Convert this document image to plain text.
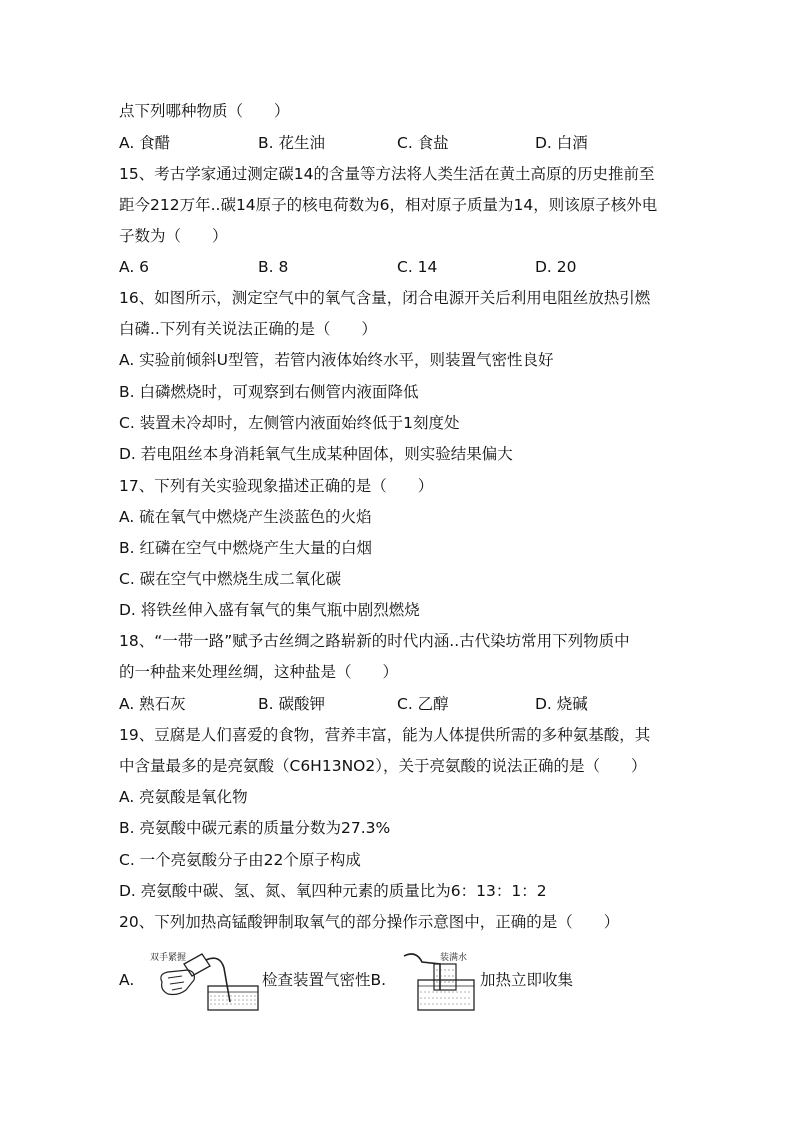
点下列哪种物质（　　）
A. 食醋	B. 花生油	C. 食盐	D. 白酒
15、考古学家通过测定碳14的含量等方法将人类生活在黄土高原的历史推前至
距今212万年..碳14原子的核电荷数为6，相对原子质量为14，则该原子核外电
子数为（　　）
A. 6	B. 8	C. 14	D. 20
16、如图所示，测定空气中的氧气含量，闭合电源开关后利用电阻丝放热引燃
白磷..下列有关说法正确的是（　　）
A. 实验前倾斜U型管，若管内液体始终水平，则装置气密性良好
B. 白磷燃烧时，可观察到右侧管内液面降低
C. 装置未冷却时，左侧管内液面始终低于1刻度处
D. 若电阻丝本身消耗氧气生成某种固体，则实验结果偏大
17、下列有关实验现象描述正确的是（　　）
A. 硫在氧气中燃烧产生淡蓝色的火焰
B. 红磷在空气中燃烧产生大量的白烟
C. 碳在空气中燃烧生成二氧化碳
D. 将铁丝伸入盛有氧气的集气瓶中剧烈燃烧
18、“一带一路”赋予古丝绸之路崭新的时代内涵..古代染坊常用下列物质中
的一种盐来处理丝绸，这种盐是（　　）
A. 熟石灰	B. 碳酸钾	C. 乙醇	D. 烧碱
19、豆腐是人们喜爱的食物，营养丰富，能为人体提供所需的多种氨基酸，其
中含量最多的是亮氨酸（C6H13NO2），关于亮氨酸的说法正确的是（　　）
A. 亮氨酸是氧化物
B. 亮氨酸中碳元素的质量分数为27.3%
C. 一个亮氨酸分子由22个原子构成
D. 亮氨酸中碳、氢、氮、氧四种元素的质量比为6：13：1：2
20、下列加热高锰酸钾制取氧气的部分操作示意图中，正确的是（　　）
A.
双手紧握
检查装置气密性B.
装满水
加热立即收集
